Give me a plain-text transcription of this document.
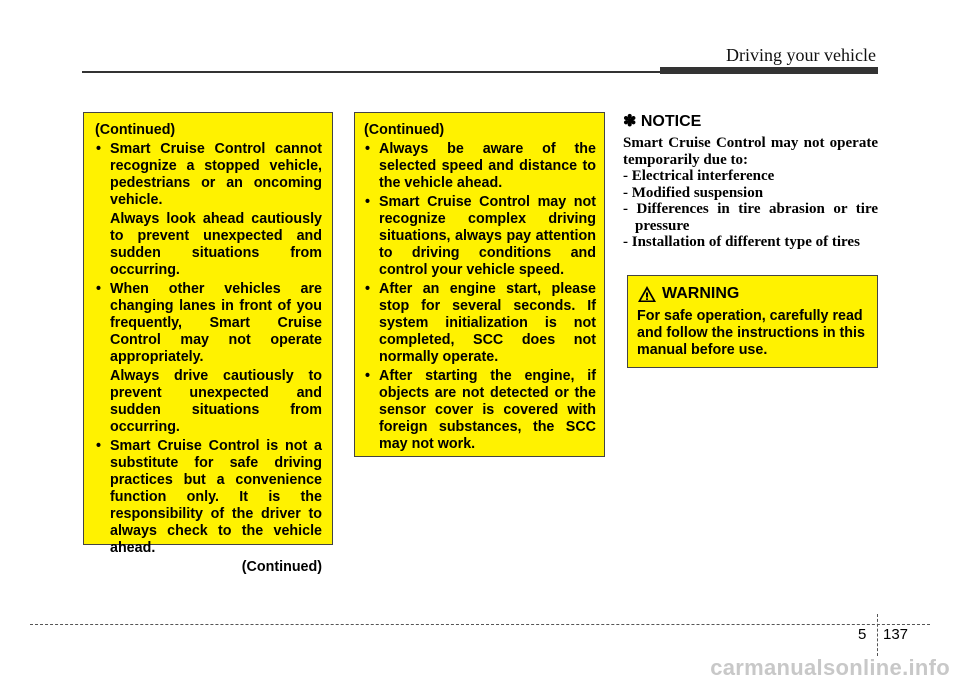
Driving your vehicle
(Continued)

• Smart Cruise Control cannot recognize a stopped vehicle, pedestrians or an oncoming vehicle.

Always look ahead cautiously to prevent unexpected and sudden situations from occurring.

• When other vehicles are changing lanes in front of you frequently, Smart Cruise Control may not operate appropriately.

Always drive cautiously to prevent unexpected and sudden situations from occurring.

• Smart Cruise Control is not a substitute for safe driving practices but a convenience function only. It is the responsibility of the driver to always check to the vehicle ahead.

(Continued)
(Continued)

• Always be aware of the selected speed and distance to the vehicle ahead.

• Smart Cruise Control may not recognize complex driving situations, always pay attention to driving conditions and control your vehicle speed.

• After an engine start, please stop for several seconds. If system initialization is not completed, SCC does not normally operate.

• After starting the engine, if objects are not detected or the sensor cover is covered with foreign substances, the SCC may not work.

✽ NOTICE
Smart Cruise Control may not operate temporarily due to:
- Electrical interference
- Modified suspension
- Differences in tire abrasion or tire pressure
- Installation of different type of tires
WARNING
For safe operation, carefully read and follow the instructions in this manual before use.
5 137
carmanualsonline.info
